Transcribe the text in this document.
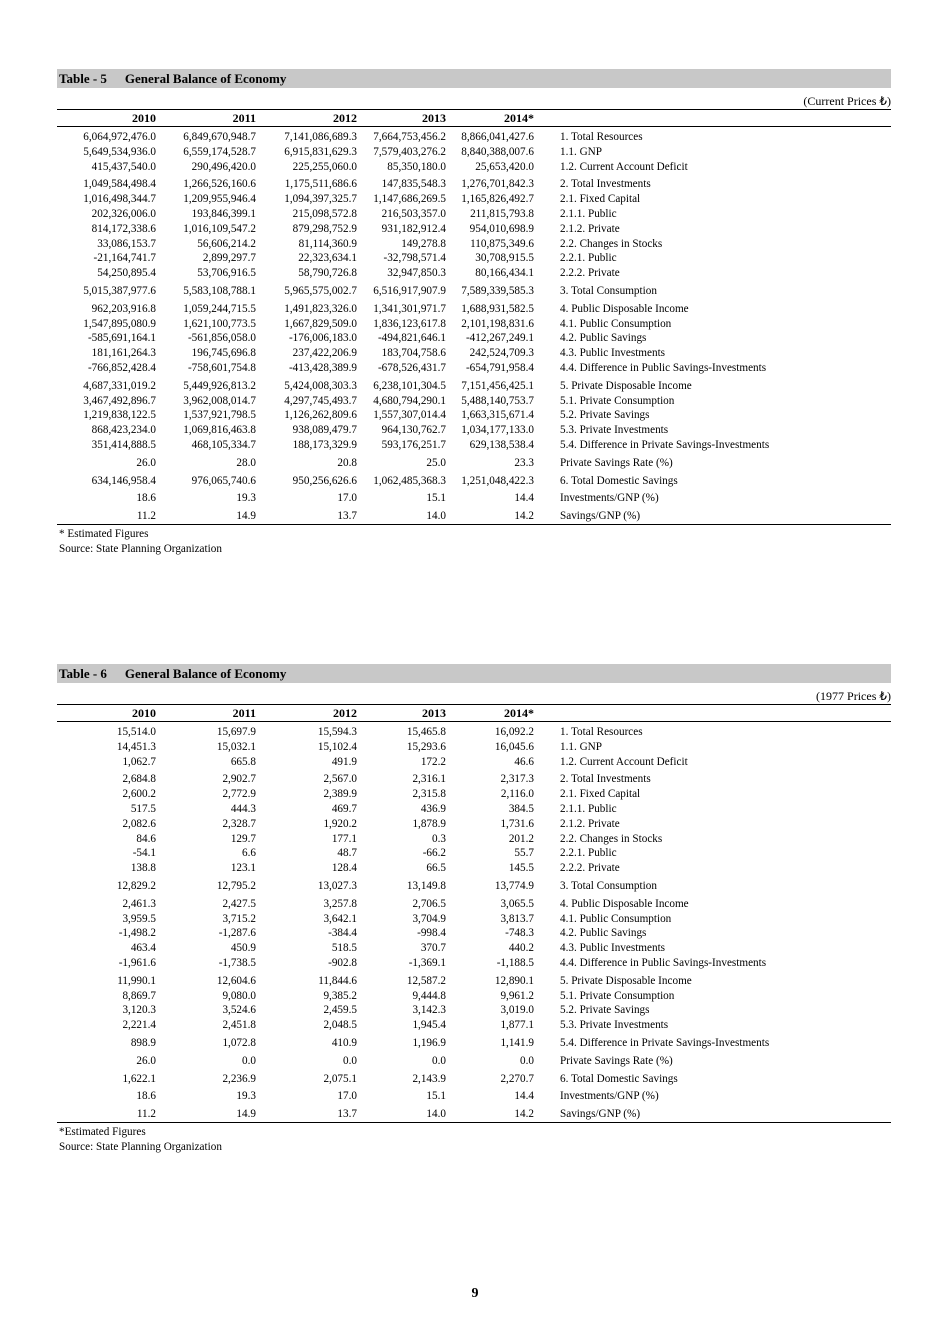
Table - 5 General Balance of Economy
(Current Prices ₺)
2010	2011	2012	2013	2014*
6,064,972,476.0 6,849,670,948.7	7,141,086,689.3 7,664,753,456.2 8,866,041,427.6 1. Total Resources
5,649,534,936.0 6,559,174,528.7	6,915,831,629.3 7,579,403,276.2 8,840,388,007.6 1.1. GNP
415,437,540.0	290,496,420.0	225,255,060.0	85,350,180.0	25,653,420.0 1.2. Current Account Deficit
1,049,584,498.4 1,266,526,160.6	1,175,511,686.6 147,835,548.3 1,276,701,842.3 2. Total Investments
1,016,498,344.7 1,209,955,946.4	1,094,397,325.7 1,147,686,269.5 1,165,826,492.7 2.1. Fixed Capital
202,326,006.0	193,846,399.1	215,098,572.8 216,503,357.0 211,815,793.8 2.1.1. Public
814,172,338.6 1,016,109,547.2	879,298,752.9 931,182,912.4 954,010,698.9 2.1.2. Private
33,086,153.7	56,606,214.2	81,114,360.9	149,278.8 110,875,349.6 2.2. Changes in Stocks
-21,164,741.7	2,899,297.7	22,323,634.1 -32,798,571.4	30,708,915.5 2.2.1. Public
54,250,895.4	53,706,916.5	58,790,726.8	32,947,850.3	80,166,434.1 2.2.2. Private
5,015,387,977.6 5,583,108,788.1	5,965,575,002.7 6,516,917,907.9 7,589,339,585.3 3. Total Consumption
962,203,916.8 1,059,244,715.5	1,491,823,326.0 1,341,301,971.7 1,688,931,582.5 4. Public Disposable Income
1,547,895,080.9 1,621,100,773.5	1,667,829,509.0 1,836,123,617.8 2,101,198,831.6 4.1. Public Consumption
-585,691,164.1	-561,856,058.0	-176,006,183.0 -494,821,646.1 -412,267,249.1 4.2. Public Savings
181,161,264.3	196,745,696.8	237,422,206.9 183,704,758.6 242,524,709.3 4.3. Public Investments
-766,852,428.4	-758,601,754.8	-413,428,389.9 -678,526,431.7 -654,791,958.4 4.4. Difference in Public Savings-Investments
4,687,331,019.2 5,449,926,813.2	5,424,008,303.3 6,238,101,304.5 7,151,456,425.1 5. Private Disposable Income
3,467,492,896.7 3,962,008,014.7	4,297,745,493.7 4,680,794,290.1 5,488,140,753.7 5.1. Private Consumption
1,219,838,122.5 1,537,921,798.5	1,126,262,809.6 1,557,307,014.4 1,663,315,671.4 5.2. Private Savings
868,423,234.0 1,069,816,463.8	938,089,479.7 964,130,762.7 1,034,177,133.0 5.3. Private Investments
351,414,888.5	468,105,334.7	188,173,329.9 593,176,251.7 629,138,538.4 5.4. Difference in Private Savings-Investments
26.0	28.0	20.8	25.0	23.3 Private Savings Rate (%)
634,146,958.4	976,065,740.6	950,256,626.6 1,062,485,368.3 1,251,048,422.3 6. Total Domestic Savings
18.6	19.3	17.0	15.1	14.4 Investments/GNP (%)
11.2	14.9	13.7	14.0	14.2 Savings/GNP (%)
* Estimated Figures
Source: State Planning Organization
Table - 6 General Balance of Economy
(1977 Prices ₺)
2010	2011	2012	2013	2014*
15,514.0	15,697.9	15,594.3	15,465.8	16,092.2 1. Total Resources
14,451.3	15,032.1	15,102.4	15,293.6	16,045.6 1.1. GNP
1,062.7	665.8	491.9	172.2	46.6 1.2. Current Account Deficit
2,684.8	2,902.7	2,567.0	2,316.1	2,317.3 2. Total Investments
2,600.2	2,772.9	2,389.9	2,315.8	2,116.0 2.1. Fixed Capital
517.5	444.3	469.7	436.9	384.5 2.1.1. Public
2,082.6	2,328.7	1,920.2	1,878.9	1,731.6 2.1.2. Private
84.6	129.7	177.1	0.3	201.2 2.2. Changes in Stocks
-54.1	6.6	48.7	-66.2	55.7 2.2.1. Public
138.8	123.1	128.4	66.5	145.5 2.2.2. Private
12,829.2	12,795.2	13,027.3	13,149.8	13,774.9 3. Total Consumption
2,461.3	2,427.5	3,257.8	2,706.5	3,065.5 4. Public Disposable Income
3,959.5	3,715.2	3,642.1	3,704.9	3,813.7 4.1. Public Consumption
-1,498.2	-1,287.6	-384.4	-998.4	-748.3 4.2. Public Savings
463.4	450.9	518.5	370.7	440.2 4.3. Public Investments
-1,961.6	-1,738.5	-902.8	-1,369.1	-1,188.5 4.4. Difference in Public Savings-Investments
11,990.1	12,604.6	11,844.6	12,587.2	12,890.1 5. Private Disposable Income
8,869.7	9,080.0	9,385.2	9,444.8	9,961.2 5.1. Private Consumption
3,120.3	3,524.6	2,459.5	3,142.3	3,019.0 5.2. Private Savings
2,221.4	2,451.8	2,048.5	1,945.4	1,877.1 5.3. Private Investments
898.9	1,072.8	410.9	1,196.9	1,141.9 5.4. Difference in Private Savings-Investments
26.0	0.0	0.0	0.0	0.0 Private Savings Rate (%)
1,622.1	2,236.9	2,075.1	2,143.9	2,270.7 6. Total Domestic Savings
18.6	19.3	17.0	15.1	14.4 Investments/GNP (%)
11.2	14.9	13.7	14.0	14.2 Savings/GNP (%)
*Estimated Figures
Source: State Planning Organization
9
